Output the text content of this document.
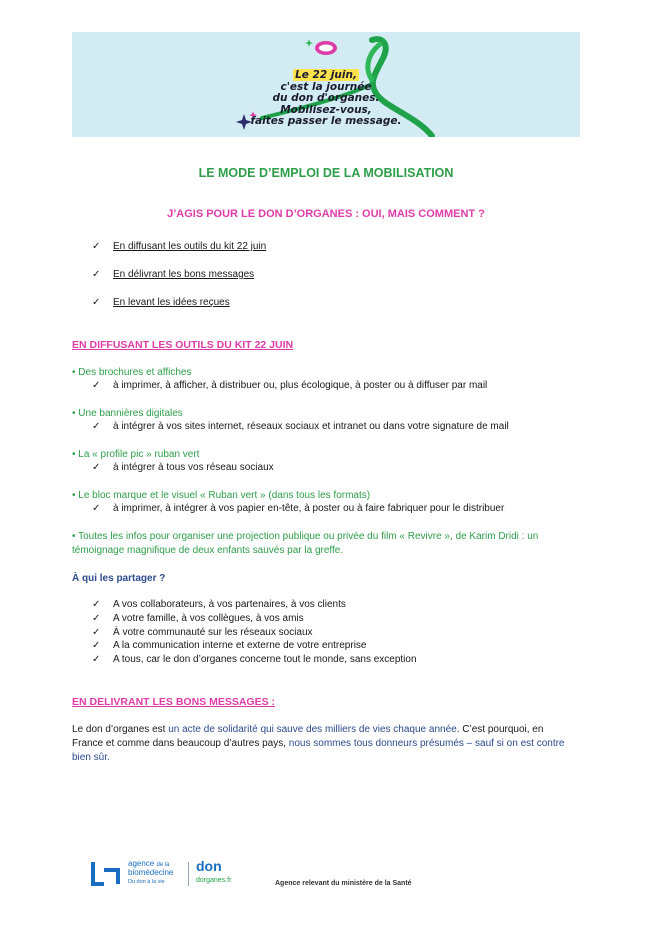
Le 22 juin,
c'est la journée
du don d'organes.
Mobilisez-vous,
faites passer le message.
LE MODE D’EMPLOI DE LA MOBILISATION
J’AGIS POUR LE DON D’ORGANES : OUI, MAIS COMMENT ?
✓ En diffusant les outils du kit 22 juin
✓ En délivrant les bons messages
✓ En levant les idées reçues
EN DIFFUSANT LES OUTILS DU KIT 22 JUIN
• Des brochures et affiches
✓ à imprimer, à afficher, à distribuer ou, plus écologique, à poster ou à diffuser par mail
• Une bannières digitales
✓ à intégrer à vos sites internet, réseaux sociaux et intranet ou dans votre signature de mail
• La « profile pic » ruban vert
✓ à intégrer à tous vos réseau sociaux
• Le bloc marque et le visuel « Ruban vert » (dans tous les formats)
✓ à imprimer, à intégrer à vos papier en-tête, à poster ou à faire fabriquer pour le distribuer
• Toutes les infos pour organiser une projection publique ou privée du film « Revivre », de Karim Dridi : un
témoignage magnifique de deux enfants sauvés par la greffe.
À qui les partager ?
✓ A vos collaborateurs, à vos partenaires, à vos clients
✓ A votre famille, à vos collègues, à vos amis
✓ À votre communauté sur les réseaux sociaux
✓ A la communication interne et externe de votre entreprise
✓ A tous, car le don d’organes concerne tout le monde, sans exception
EN DELIVRANT LES BONS MESSAGES :
Le don d’organes est un acte de solidarité qui sauve des milliers de vies chaque année. C’est pourquoi, en
France et comme dans beaucoup d’autres pays, nous sommes tous donneurs présumés – sauf si on est contre
bien sûr.
agence de la
biomédecine
Du don à la vie
don
dorganes.fr	Agence relevant du ministère de la Santé
